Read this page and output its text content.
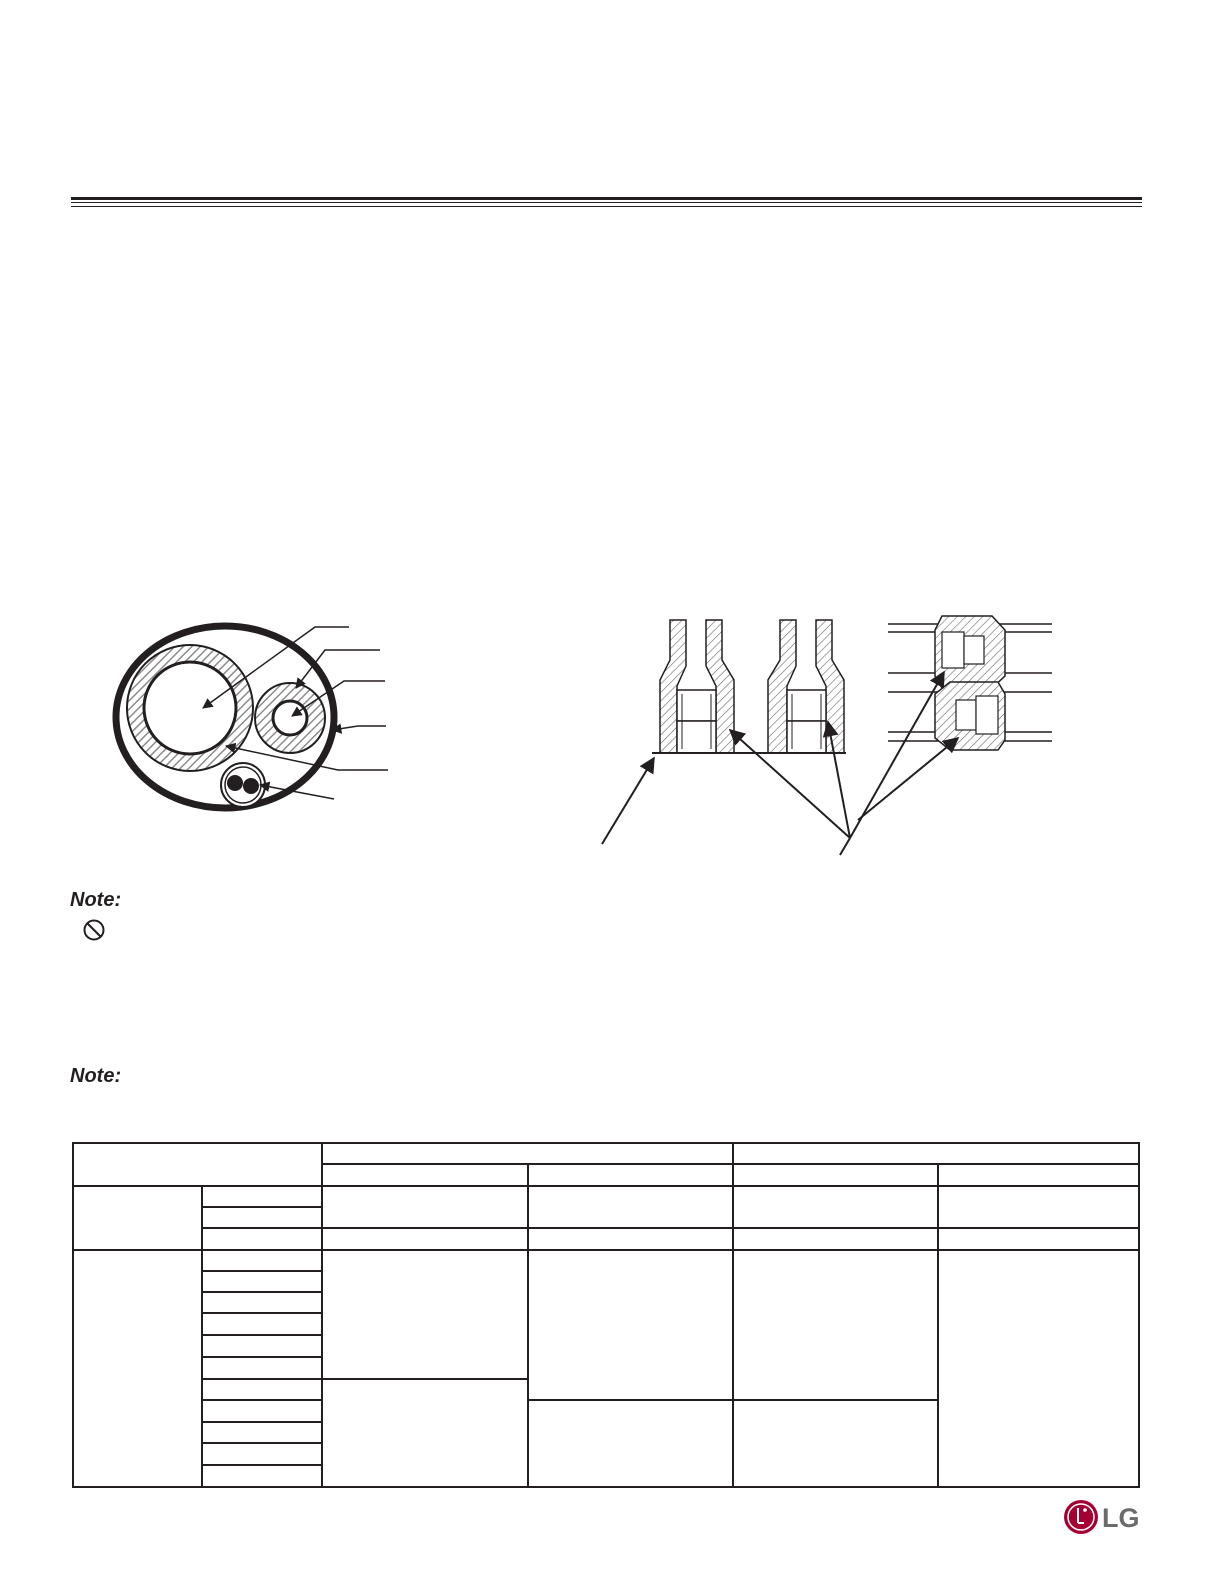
Note:
Note:

LG
